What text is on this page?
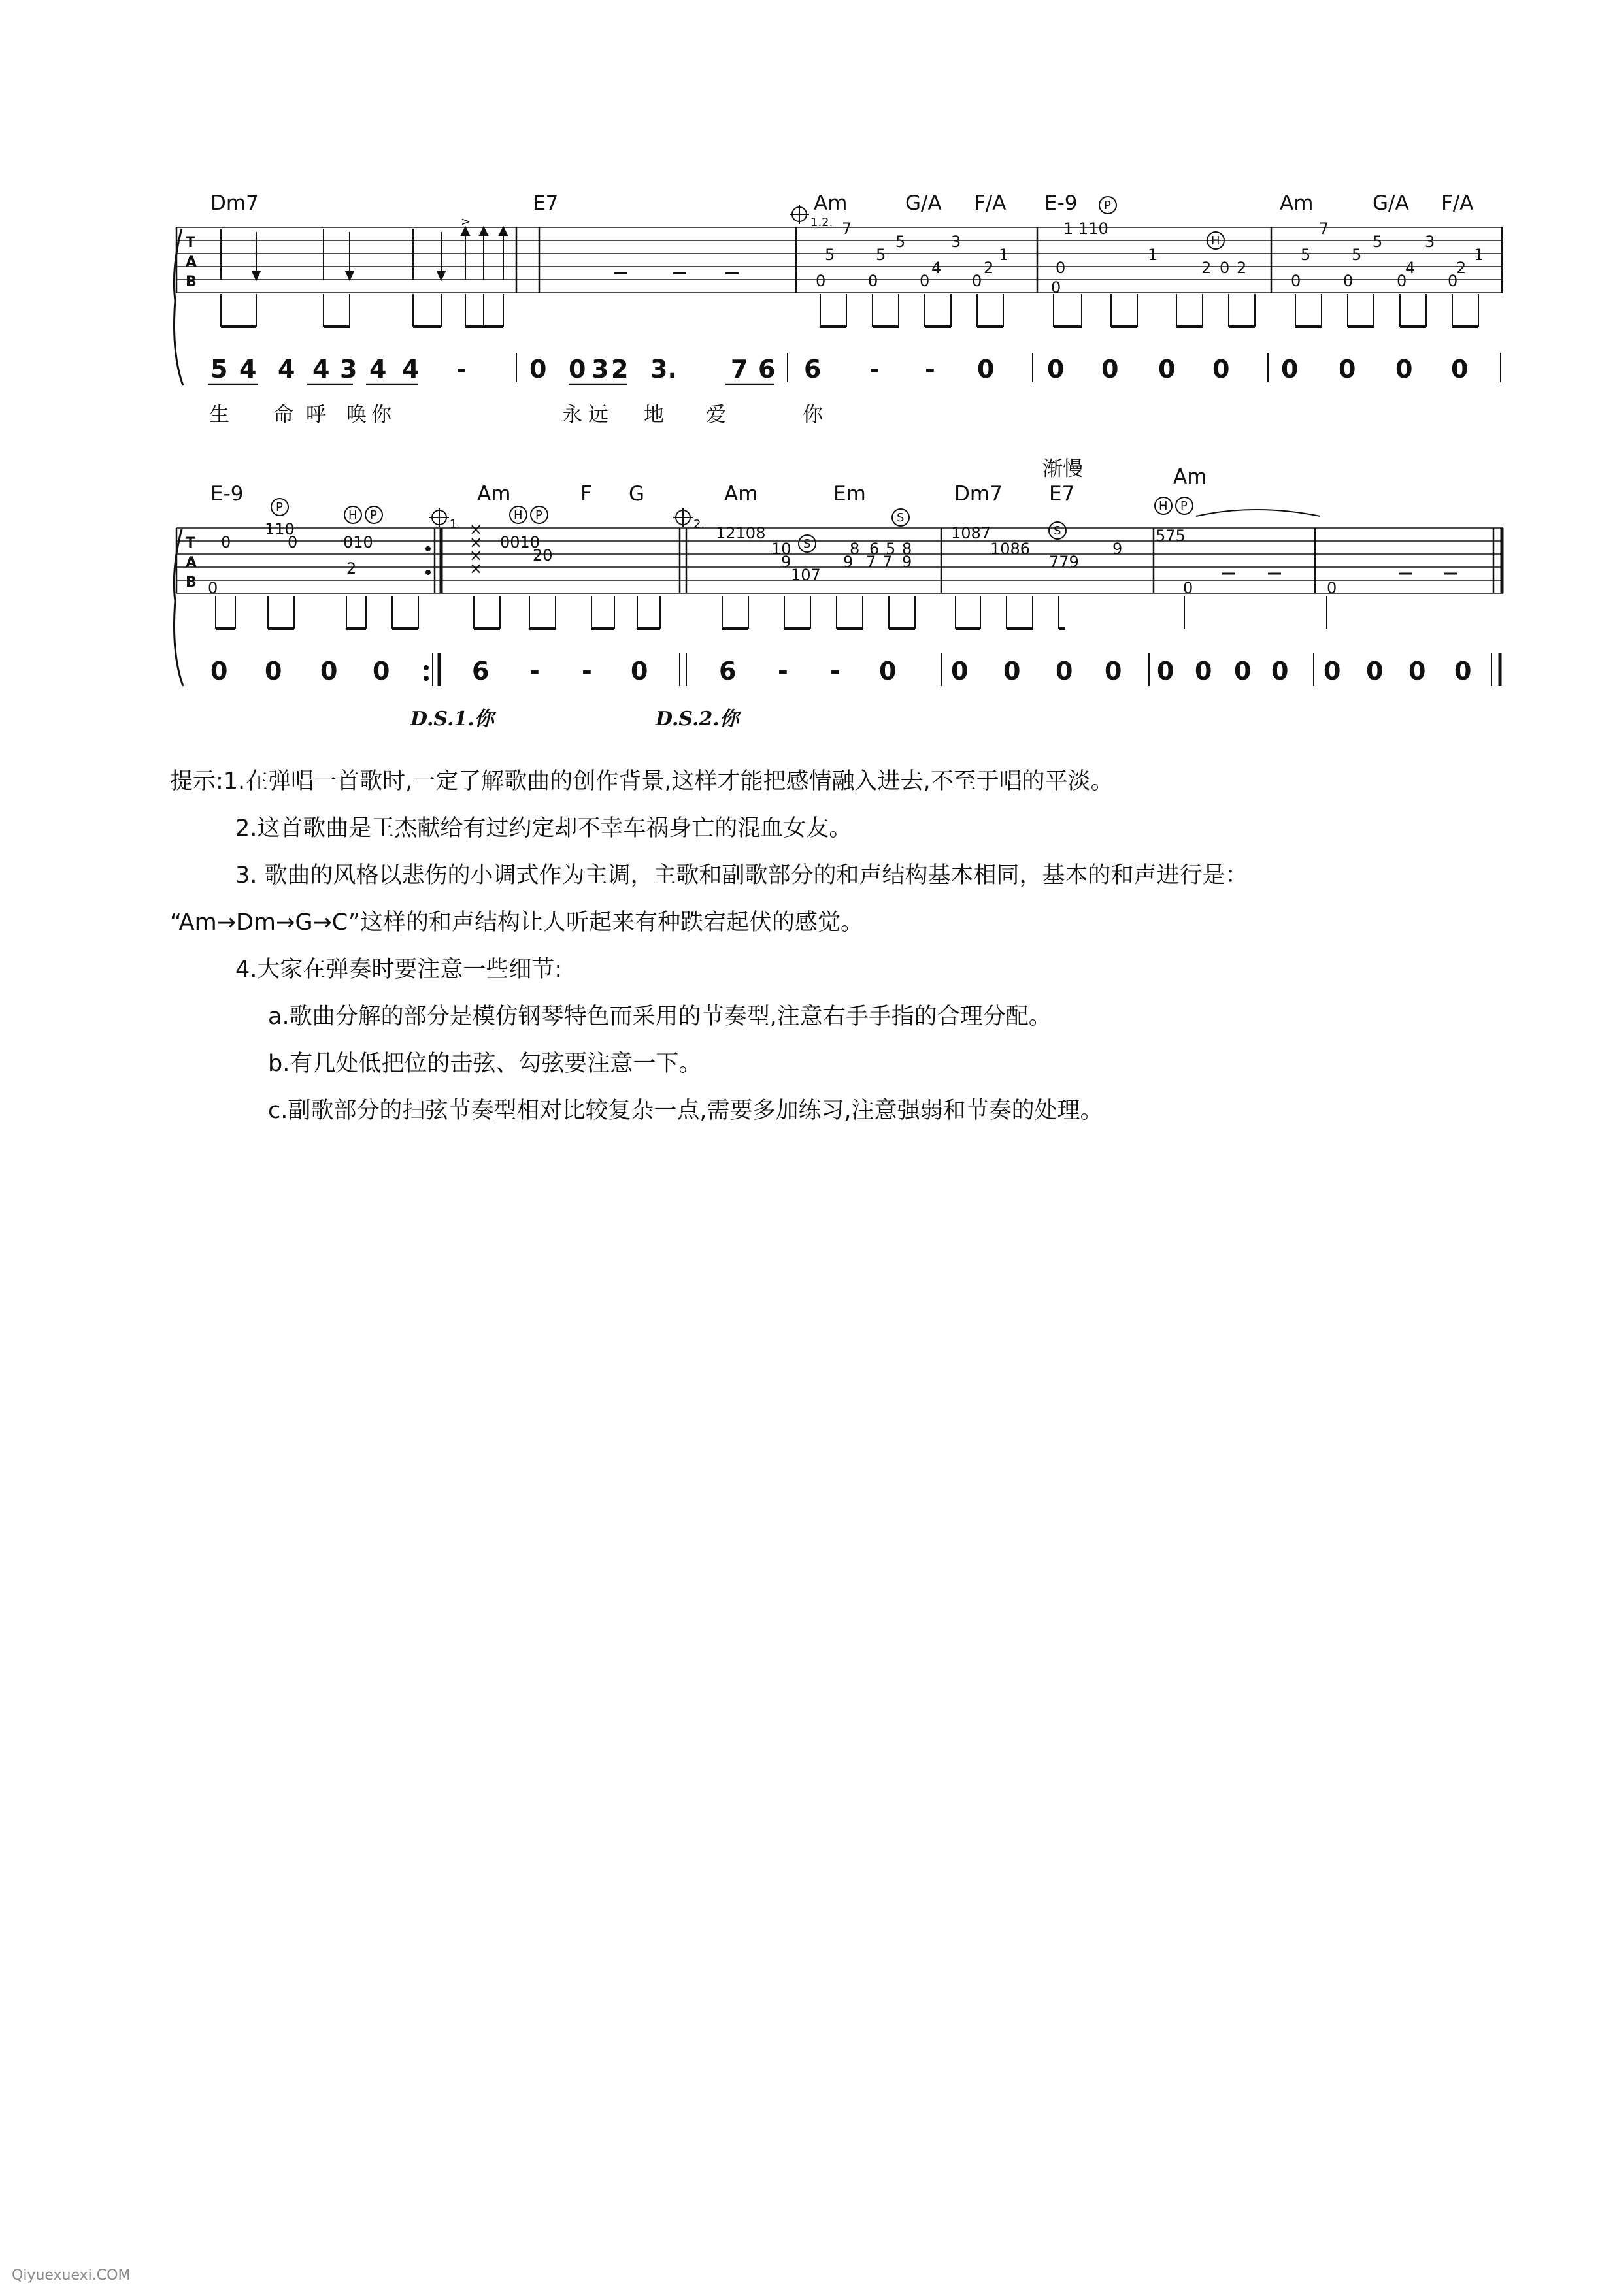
Dm7	E7	Am	G/A F/A E-9	Am	G/A F/A
1.2.
P
H
T
A
B
>	7
5	3
1
5	5
4	2
0	0	0	0
1 110
0
0
2 0 2
1
7
5	3
1
5	5
4	2
0	0	0	0
5 4 4 4 3 4 4 -	0 0 3 2 3. 7 6 6 - - 0 0 0 0 0 0 0 0 0
生 命 呼 唤 你	永 远 地 爱	你
渐慢
E-9	Am	F G	Am	Em	Dm7 E7
Am
1.	2.
P
H P	H P
S
S
S
H P
T
A
B
0
110
0	010
2
0
×
×
×
×
0010
20
12108
10
9
107
8 6 5 8
9 7 7 9
1087
1086
779
9
575
0	0
0 0 0 0	6 - - 0	6 - - 0 0 0 0 0 0 0 0 0 0 0 0 0
D.S.1.你	D.S.2.你
提示:1.在弹唱一首歌时,一定了解歌曲的创作背景,这样才能把感情融入进去,不至于唱的平淡。
2.这首歌曲是王杰献给有过约定却不幸车祸身亡的混血女友。
3. 歌曲的风格以悲伤的小调式作为主调，主歌和副歌部分的和声结构基本相同，基本的和声进行是：
“Am→Dm→G→C”这样的和声结构让人听起来有种跌宕起伏的感觉。
4.大家在弹奏时要注意一些细节:
a.歌曲分解的部分是模仿钢琴特色而采用的节奏型,注意右手手指的合理分配。
b.有几处低把位的击弦、勾弦要注意一下。
c.副歌部分的扫弦节奏型相对比较复杂一点,需要多加练习,注意强弱和节奏的处理。
Qiyuexuexi.COM
